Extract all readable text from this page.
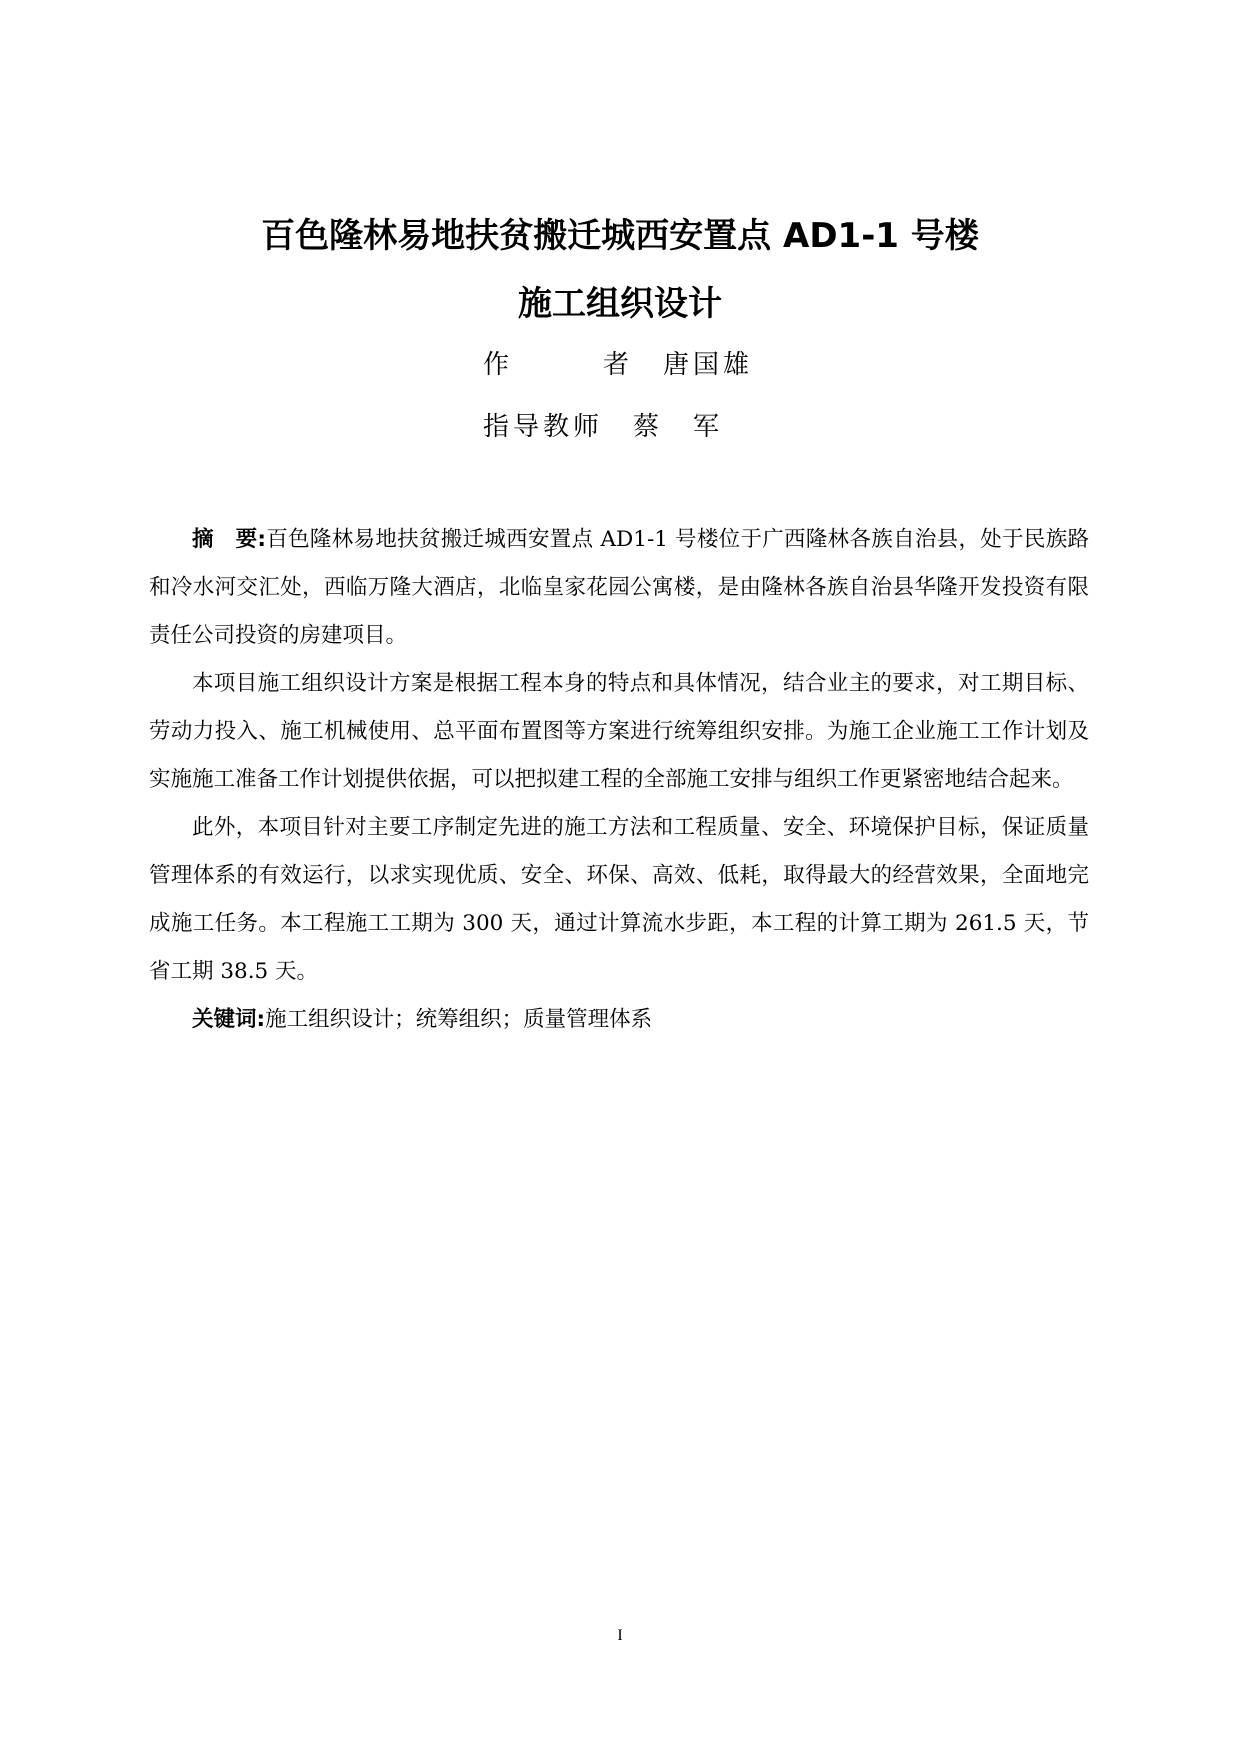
百色隆林易地扶贫搬迁城西安置点 AD1-1 号楼
施工组织设计
作　　　者　 唐国雄
指导教师　 蔡　军

摘　要:百色隆林易地扶贫搬迁城西安置点 AD1-1 号楼位于广西隆林各族自治县，处于民族路和冷水河交汇处，西临万隆大酒店，北临皇家花园公寓楼，是由隆林各族自治县华隆开发投资有限责任公司投资的房建项目。

本项目施工组织设计方案是根据工程本身的特点和具体情况，结合业主的要求，对工期目标、劳动力投入、施工机械使用、总平面布置图等方案进行统筹组织安排。为施工企业施工工作计划及实施施工准备工作计划提供依据，可以把拟建工程的全部施工安排与组织工作更紧密地结合起来。

此外，本项目针对主要工序制定先进的施工方法和工程质量、安全、环境保护目标，保证质量管理体系的有效运行，以求实现优质、安全、环保、高效、低耗，取得最大的经营效果，全面地完成施工任务。本工程施工工期为 300 天，通过计算流水步距，本工程的计算工期为 261.5 天，节省工期 38.5 天。

关键词:施工组织设计；统筹组织；质量管理体系

I
